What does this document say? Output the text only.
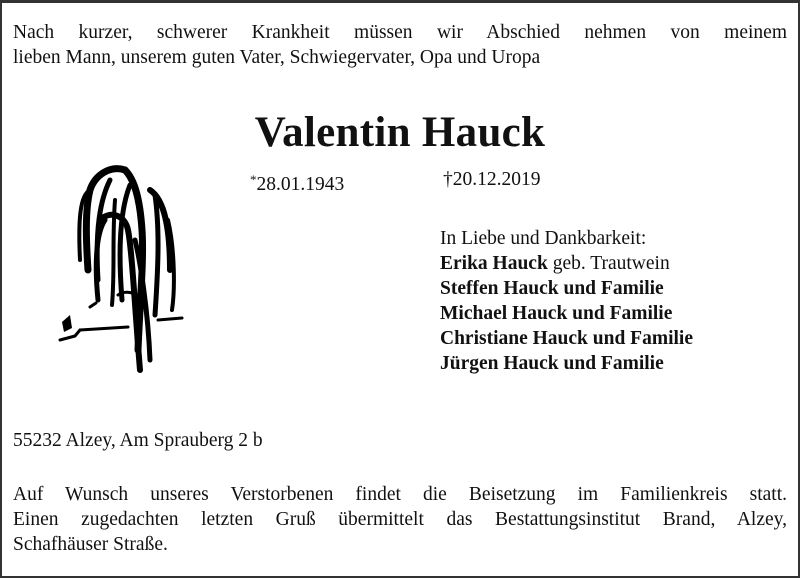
Nach kurzer, schwerer Krankheit müssen wir Abschied nehmen von meinem
lieben Mann, unserem guten Vater, Schwiegervater, Opa und Uropa
Valentin Hauck
*28.01.1943	†20.12.2019
In Liebe und Dankbarkeit:
Erika Hauck geb. Trautwein
Steffen Hauck und Familie
Michael Hauck und Familie
Christiane Hauck und Familie
Jürgen Hauck und Familie
55232 Alzey, Am Sprauberg 2 b
Auf Wunsch unseres Verstorbenen findet die Beisetzung im Familienkreis statt.
Einen zugedachten letzten Gruß übermittelt das Bestattungsinstitut Brand, Alzey,
Schafhäuser Straße.
